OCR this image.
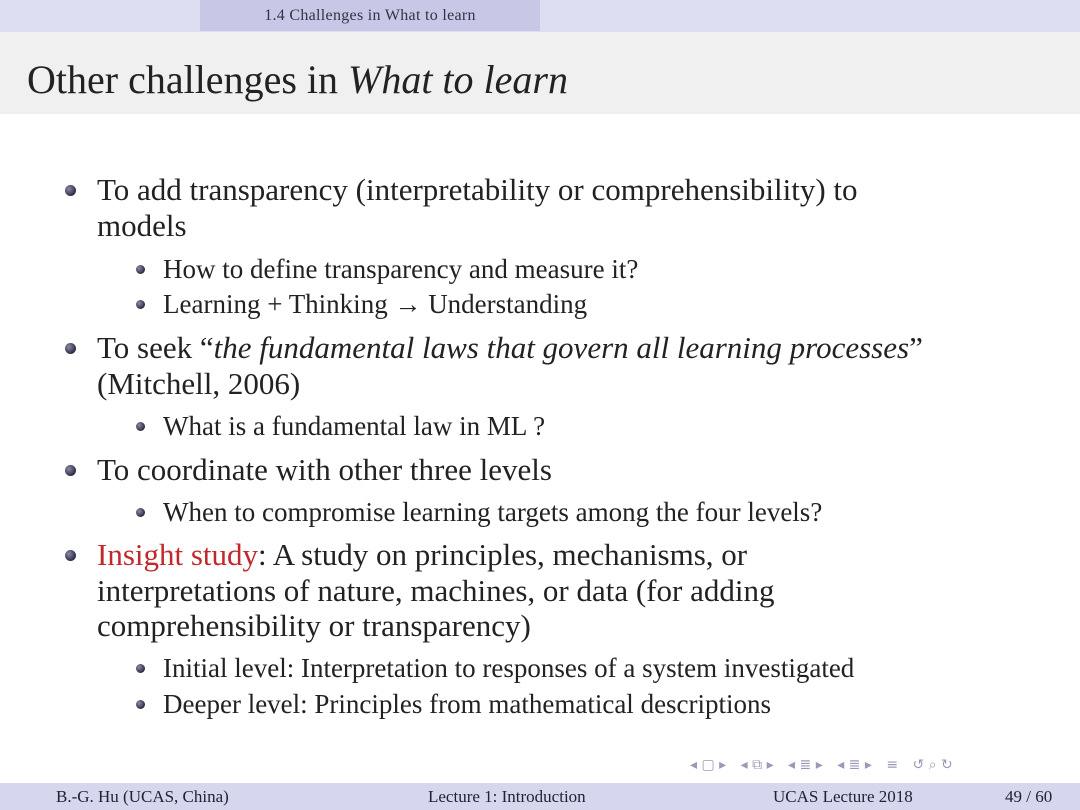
1.4 Challenges in What to learn
Other challenges in What to learn
To add transparency (interpretability or comprehensibility) to
models
How to define transparency and measure it?
Learning + Thinking → Understanding
To seek “the fundamental laws that govern all learning processes”
(Mitchell, 2006)
What is a fundamental law in ML ?
To coordinate with other three levels
When to compromise learning targets among the four levels?
Insight study: A study on principles, mechanisms, or
interpretations of nature, machines, or data (for adding
comprehensibility or transparency)
Initial level: Interpretation to responses of a system investigated
Deeper level: Principles from mathematical descriptions
◂ ▢ ▸ ◂ ⧉ ▸ ◂ ≣ ▸ ◂ ≣ ▸ ≡ ↺ ⌕ ↻
B.-G. Hu (UCAS, China)	Lecture 1: Introduction	UCAS Lecture 2018	49 / 60
